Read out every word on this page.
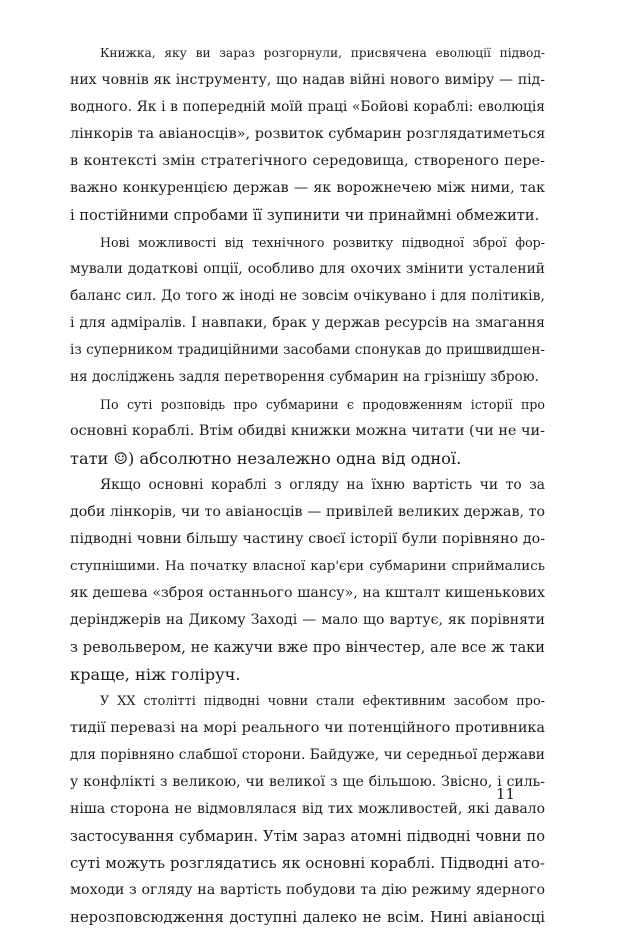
Книжка, яку ви зараз розгорнули, присвячена еволюції підвод-
них човнів як інструменту, що надав війні нового виміру — під-
водного. Як і в попередній моїй праці «Бойові кораблі: еволюція
лінкорів та авіаносців», розвиток субмарин розглядатиметься
в контексті змін стратегічного середовища, створеного пере-
важно конкуренцією держав — як ворожнечею між ними, так
і постійними спробами її зупинити чи принаймні обмежити.
Нові можливості від технічного розвитку підводної зброї фор-
мували додаткові опції, особливо для охочих змінити усталений
баланс сил. До того ж іноді не зовсім очікувано і для політиків,
і для адміралів. І навпаки, брак у держав ресурсів на змагання
із суперником традиційними засобами спонукав до пришвидшен-
ня досліджень задля перетворення субмарин на грізнішу зброю.
По суті розповідь про субмарини є продовженням історії про
основні кораблі. Втім обидві книжки можна читати (чи не чи-
тати ☺) абсолютно незалежно одна від одної.
Якщо основні кораблі з огляду на їхню вартість чи то за
доби лінкорів, чи то авіаносців — привілей великих держав, то
підводні човни більшу частину своєї історії були порівняно до-
ступнішими. На початку власної кар'єри субмарини сприймались
як дешева «зброя останнього шансу», на кшталт кишенькових
дерінджерів на Дикому Заході — мало що вартує, як порівняти
з револьвером, не кажучи вже про вінчестер, але все ж таки
краще, ніж голіруч.
У XX столітті підводні човни стали ефективним засобом про-
тидії перевазі на морі реального чи потенційного противника
для порівняно слабшої сторони. Байдуже, чи середньої держави
у конфлікті з великою, чи великої з ще більшою. Звісно, і силь-
ніша сторона не відмовлялася від тих можливостей, які давало
застосування субмарин. Утім зараз атомні підводні човни по
суті можуть розглядатись як основні кораблі. Підводні ато-
моходи з огляду на вартість побудови та дію режиму ядерного
нерозповсюдження доступні далеко не всім. Нині авіаносці
11
